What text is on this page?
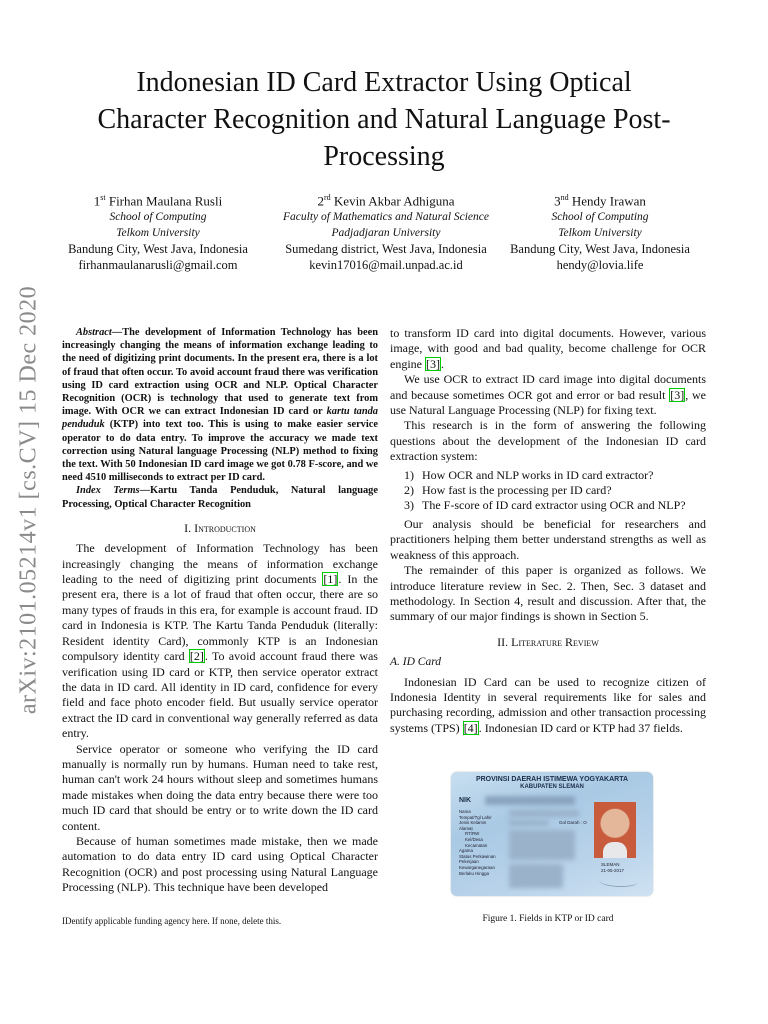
arXiv:2101.05214v1 [cs.CV] 15 Dec 2020
Indonesian ID Card Extractor Using Optical Character Recognition and Natural Language Post-Processing
1st Firhan Maulana Rusli
School of Computing
Telkom University
Bandung City, West Java, Indonesia
firhanmaulanarusli@gmail.com
2rd Kevin Akbar Adhiguna
Faculty of Mathematics and Natural Science
Padjadjaran University
Sumedang district, West Java, Indonesia
kevin17016@mail.unpad.ac.id
3nd Hendy Irawan
School of Computing
Telkom University
Bandung City, West Java, Indonesia
hendy@lovia.life

Abstract—The development of Information Technology has been increasingly changing the means of information exchange leading to the need of digitizing print documents. In the present era, there is a lot of fraud that often occur. To avoid account fraud there was verification using ID card extraction using OCR and NLP. Optical Character Recognition (OCR) is technology that used to generate text from image. With OCR we can extract Indonesian ID card or kartu tanda penduduk (KTP) into text too. This is using to make easier service operator to do data entry. To improve the accuracy we made text correction using Natural language Processing (NLP) method to fixing the text. With 50 Indonesian ID card image we got 0.78 F-score, and we need 4510 milliseconds to extract per ID card.

Index Terms—Kartu Tanda Penduduk, Natural language Processing, Optical Character Recognition

I. Introduction

The development of Information Technology has been increasingly changing the means of information exchange leading to the need of digitizing print documents [1]. In the present era, there is a lot of fraud that often occur, there are so many types of frauds in this era, for example is account fraud. ID card in Indonesia is KTP. The Kartu Tanda Penduduk (literally: Resident identity Card), commonly KTP is an Indonesian compulsory identity card [2]. To avoid account fraud there was verification using ID card or KTP, then service operator extract the data in ID card. All identity in ID card, confidence for every field and face photo encoder field. But usually service operator extract the ID card in conventional way generally referred as data entry.

Service operator or someone who verifying the ID card manually is normally run by humans. Human need to take rest, human can't work 24 hours without sleep and sometimes humans made mistakes when doing the data entry because there were too much ID card that should be entry or to write down the ID card content.

Because of human sometimes made mistake, then we made automation to do data entry ID card using Optical Character Recognition (OCR) and post processing using Natural Language Processing (NLP). This technique have been developed

to transform ID card into digital documents. However, various image, with good and bad quality, become challenge for OCR engine [3].

We use OCR to extract ID card image into digital documents and because sometimes OCR got and error or bad result [3], we use Natural Language Processing (NLP) for fixing text.

This research is in the form of answering the following questions about the development of the Indonesian ID card extraction system:

1) How OCR and NLP works in ID card extractor?
2) How fast is the processing per ID card?
3) The F-score of ID card extractor using OCR and NLP?

Our analysis should be beneficial for researchers and practitioners helping them better understand strengths as well as weakness of this approach.

The remainder of this paper is organized as follows. We introduce literature review in Sec. 2. Then, Sec. 3 dataset and methodology. In Section 4, result and discussion. After that, the summary of our major findings is shown in Section 5.

II. Literature Review
A. ID Card

Indonesian ID Card can be used to recognize citizen of Indonesia Identity in several requirements like for sales and purchasing recording, admission and other transaction processing systems (TPS) [4]. Indonesian ID card or KTP had 37 fields.

PROVINSI DAERAH ISTIMEWA YOGYAKARTA
KABUPATEN SLEMAN
NIK
Nama
Tempat/Tgl Lahir
Jenis Kelamin
Alamat
RT/RW
Kel/Desa
Kecamatan
Agama
Status Perkawinan
Pekerjaan
Kewarganegaraan
Berlaku Hingga
Gol Darah : O
SLEMAN
21-05-2017
Figure 1. Fields in KTP or ID card
IDentify applicable funding agency here. If none, delete this.
